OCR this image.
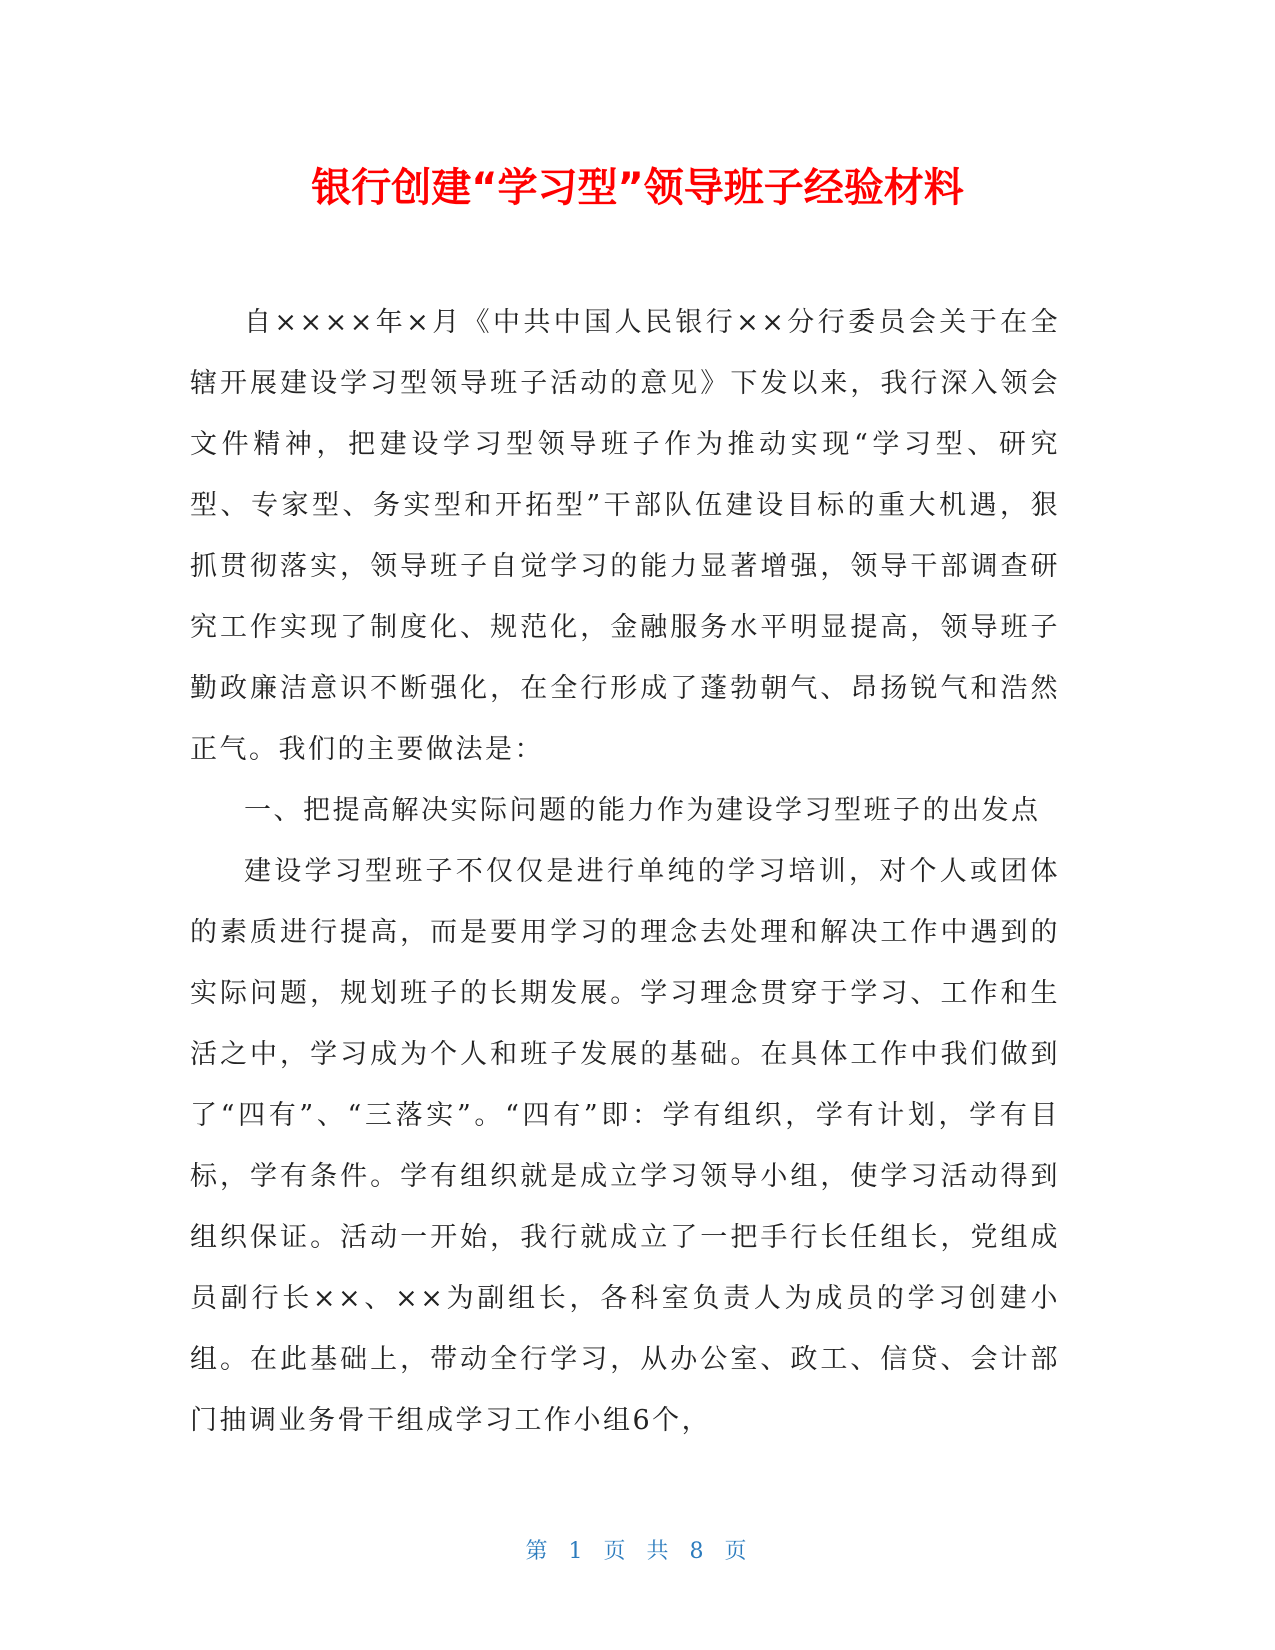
银行创建“学习型”领导班子经验材料

自××××年×月《中共中国人民银行××分行委员会关于在全辖开展建设学习型领导班子活动的意见》下发以来，我行深入领会文件精神，把建设学习型领导班子作为推动实现“学习型、研究型、专家型、务实型和开拓型”干部队伍建设目标的重大机遇，狠抓贯彻落实，领导班子自觉学习的能力显著增强，领导干部调查研究工作实现了制度化、规范化，金融服务水平明显提高，领导班子勤政廉洁意识不断强化，在全行形成了蓬勃朝气、昂扬锐气和浩然正气。我们的主要做法是：

一、把提高解决实际问题的能力作为建设学习型班子的出发点

建设学习型班子不仅仅是进行单纯的学习培训，对个人或团体的素质进行提高，而是要用学习的理念去处理和解决工作中遇到的实际问题，规划班子的长期发展。学习理念贯穿于学习、工作和生活之中，学习成为个人和班子发展的基础。在具体工作中我们做到了“四有”、“三落实”。“四有”即：学有组织，学有计划，学有目标，学有条件。学有组织就是成立学习领导小组，使学习活动得到组织保证。活动一开始，我行就成立了一把手行长任组长，党组成员副行长××、××为副组长，各科室负责人为成员的学习创建小组。在此基础上，带动全行学习，从办公室、政工、信贷、会计部门抽调业务骨干组成学习工作小组6个，

第 1 页 共 8 页
